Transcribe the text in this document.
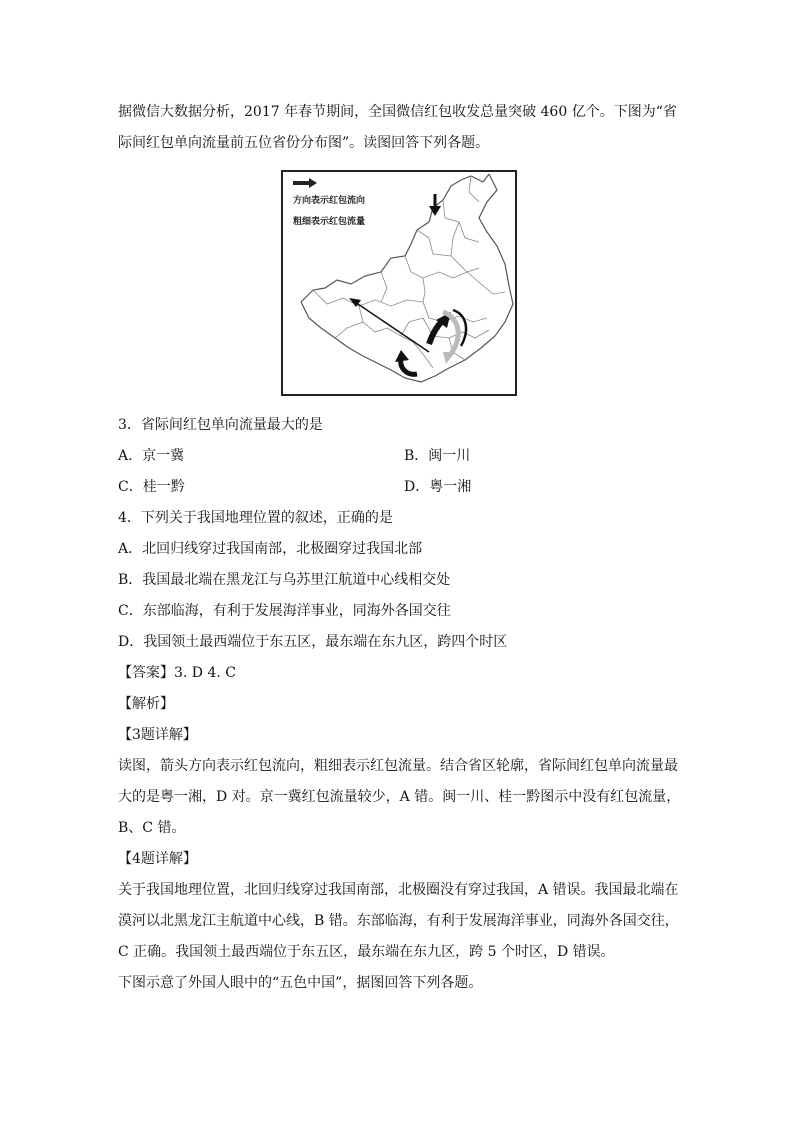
据微信大数据分析，2017 年春节期间，全国微信红包收发总量突破 460 亿个。下图为“省
际间红包单向流量前五位省份分布图”。读图回答下列各题。
方向表示红包流向
粗细表示红包流量
3．省际间红包单向流量最大的是
A．京一冀	B．闽一川
C．桂一黔	D．粤一湘
4．下列关于我国地理位置的叙述，正确的是
A．北回归线穿过我国南部，北极圈穿过我国北部
B．我国最北端在黑龙江与乌苏里江航道中心线相交处
C．东部临海，有利于发展海洋事业，同海外各国交往
D．我国领土最西端位于东五区，最东端在东九区，跨四个时区
【答案】3. D 4. C
【解析】
【3题详解】
读图，箭头方向表示红包流向，粗细表示红包流量。结合省区轮廓，省际间红包单向流量最
大的是粤一湘，D 对。京一冀红包流量较少，A 错。闽一川、桂一黔图示中没有红包流量，
B、C 错。
【4题详解】
关于我国地理位置，北回归线穿过我国南部，北极圈没有穿过我国，A 错误。我国最北端在
漠河以北黑龙江主航道中心线，B 错。东部临海，有利于发展海洋事业，同海外各国交往，
C 正确。我国领土最西端位于东五区，最东端在东九区，跨 5 个时区，D 错误。
下图示意了外国人眼中的“五色中国”，据图回答下列各题。
